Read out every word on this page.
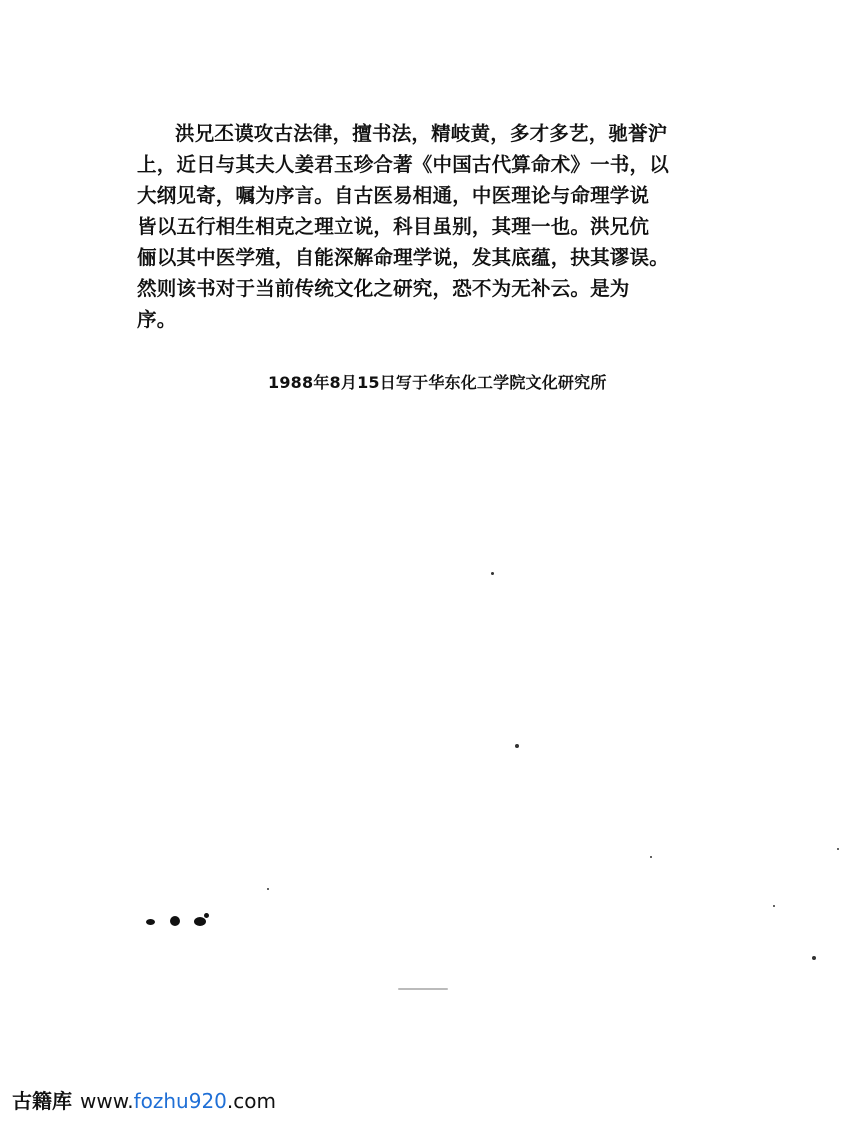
洪兄丕谟攻古法律，擅书法，精岐黄，多才多艺，驰誉沪
上，近日与其夫人姜君玉珍合著《中国古代算命术》一书，以
大纲见寄，嘱为序言。自古医易相通，中医理论与命理学说
皆以五行相生相克之理立说，科目虽别，其理一也。洪兄伉
俪以其中医学殖，自能深解命理学说，发其底蕴，抉其谬误。
然则该书对于当前传统文化之研究，恐不为无补云。是为
序。
1988年8月15日写于华东化工学院文化研究所
古籍库 www.fozhu920.com
